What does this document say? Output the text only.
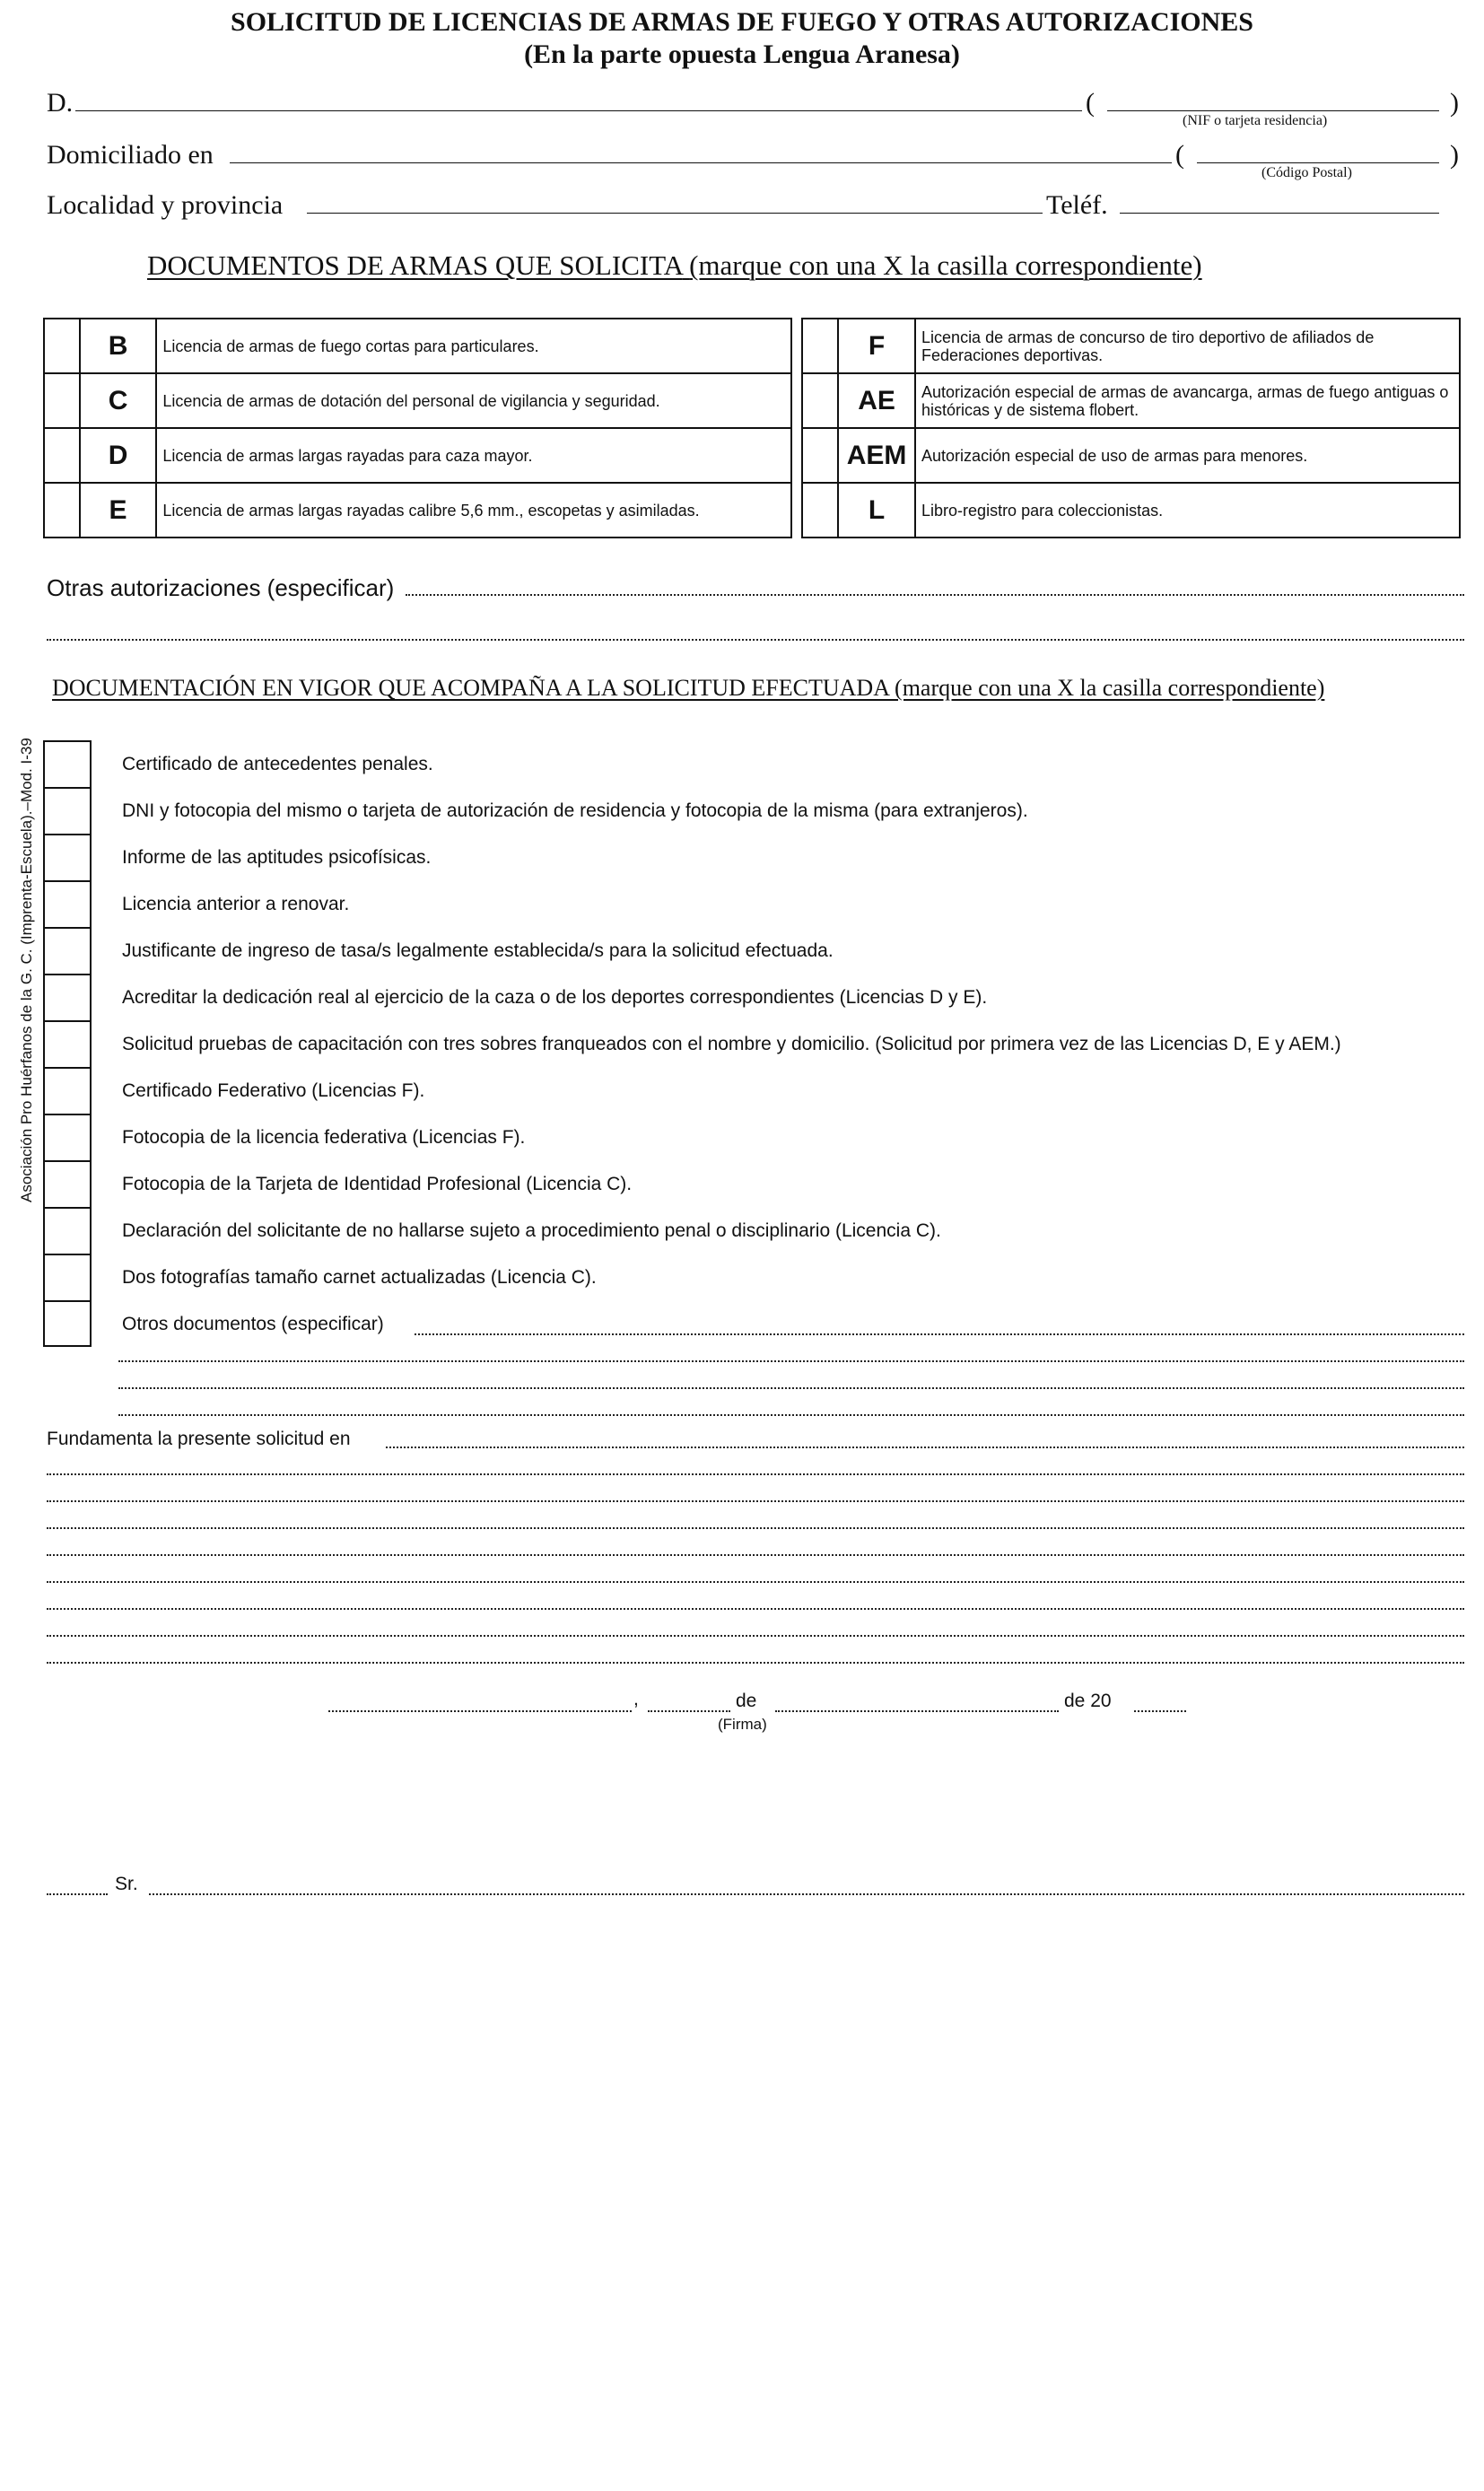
SOLICITUD DE LICENCIAS DE ARMAS DE FUEGO Y OTRAS AUTORIZACIONES
(En la parte opuesta Lengua Aranesa)
D.	(	)
(NIF o tarjeta residencia)
Domiciliado en	(	)
(Código Postal)
Localidad y provincia	Teléf.
DOCUMENTOS DE ARMAS QUE SOLICITA (marque con una X la casilla correspondiente)
	B	Licencia de armas de fuego cortas para particulares.			F	Licencia de armas de concurso de tiro deportivo de afiliados de Federaciones deportivas.
	C	Licencia de armas de dotación del personal de vigilancia y seguridad.			AE	Autorización especial de armas de avancarga, armas de fuego antiguas o históricas y de sistema flobert.
	D	Licencia de armas largas rayadas para caza mayor.			AEM	Autorización especial de uso de armas para menores.
	E	Licencia de armas largas rayadas calibre 5,6 mm., escopetas y asimiladas.			L	Libro-registro para coleccionistas.
Otras autorizaciones (especificar)
DOCUMENTACIÓN EN VIGOR QUE ACOMPAÑA A LA SOLICITUD EFECTUADA (marque con una X la casilla correspondiente)
Asociación Pro Huérfanos de la G. C. (Imprenta-Escuela).–Mod. I-39	Certificado de antecedentes penales.
DNI y fotocopia del mismo o tarjeta de autorización de residencia y fotocopia de la misma (para extranjeros).
Informe de las aptitudes psicofísicas.
Licencia anterior a renovar.
Justificante de ingreso de tasa/s legalmente establecida/s para la solicitud efectuada.
Acreditar la dedicación real al ejercicio de la caza o de los deportes correspondientes (Licencias D y E).
Solicitud pruebas de capacitación con tres sobres franqueados con el nombre y domicilio. (Solicitud por primera vez de las Licencias D, E y AEM.)
Certificado Federativo (Licencias F).
Fotocopia de la licencia federativa (Licencias F).
Fotocopia de la Tarjeta de Identidad Profesional (Licencia C).
Declaración del solicitante de no hallarse sujeto a procedimiento penal o disciplinario (Licencia C).
Dos fotografías tamaño carnet actualizadas (Licencia C).
Otros documentos (especificar)
Fundamenta la presente solicitud en
,	de	de 20
(Firma)
Sr.
